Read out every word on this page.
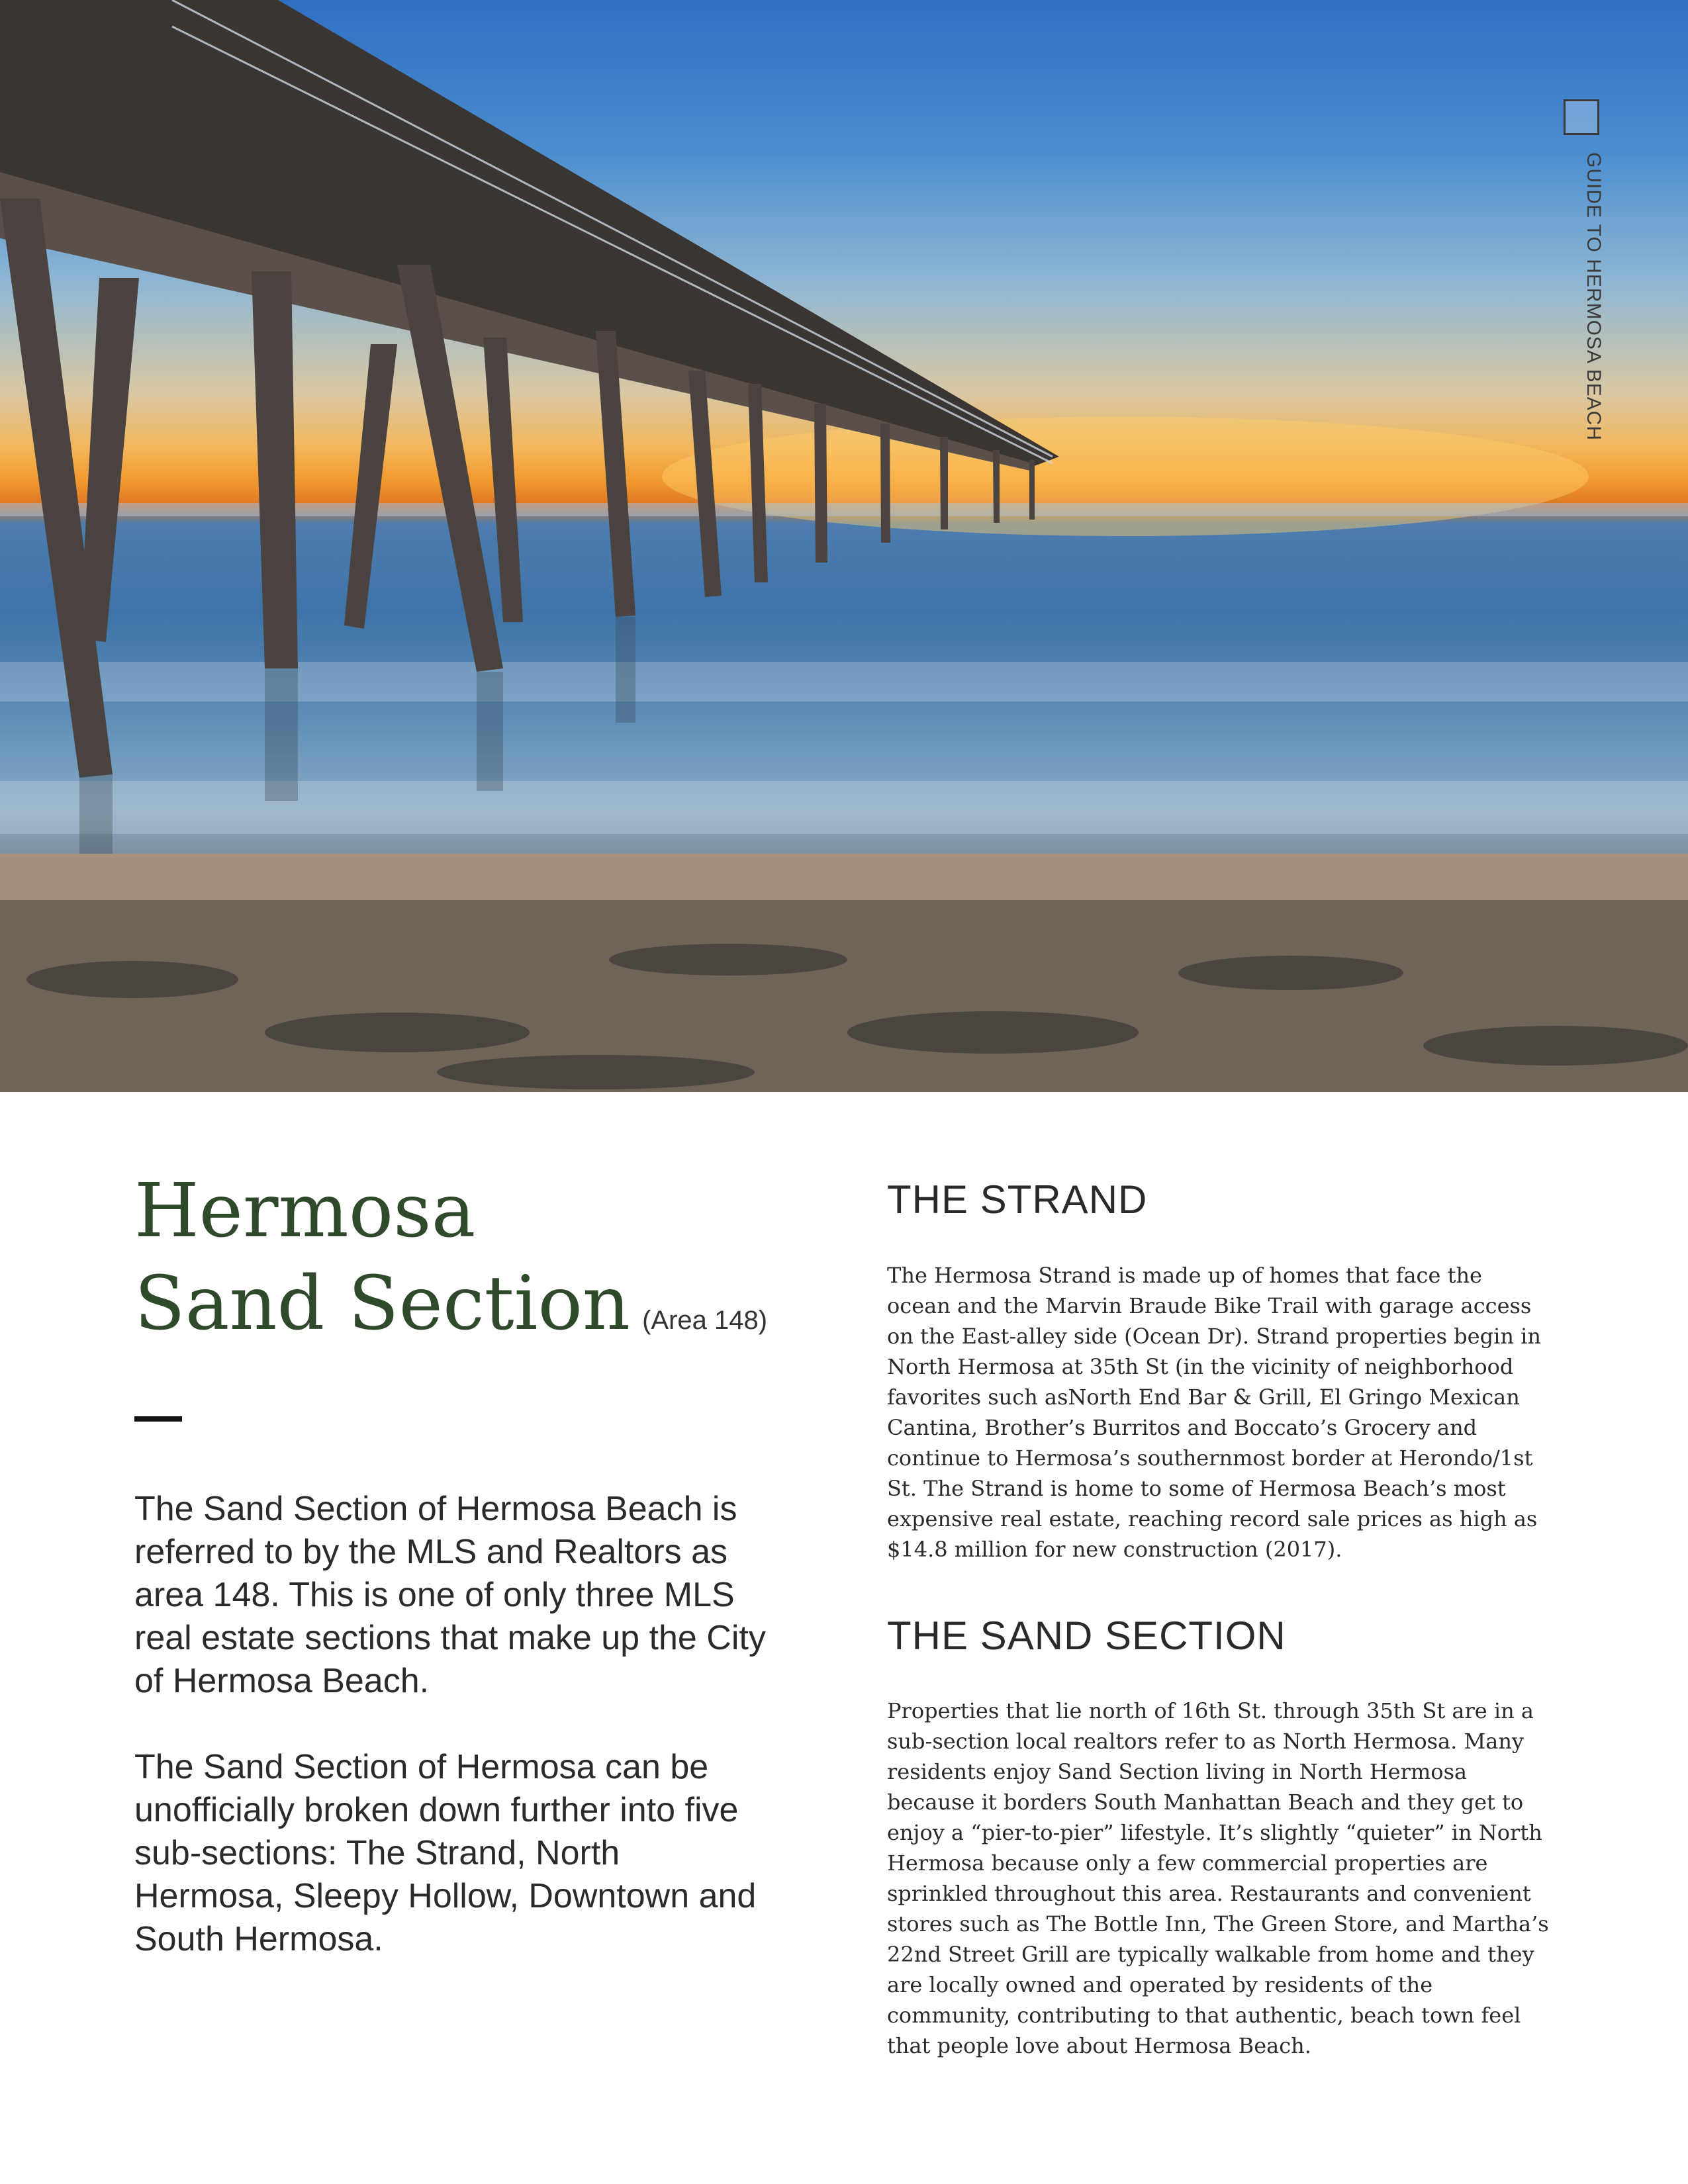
GUIDE TO HERMOSA BEACH
Hermosa
Sand Section (Area 148)

The Sand Section of Hermosa Beach is referred to by the MLS and Realtors as area 148. This is one of only three MLS real estate sections that make up the City of Hermosa Beach.

The Sand Section of Hermosa can be unofficially broken down further into five sub-sections: The Strand, North Hermosa, Sleepy Hollow, Downtown and South Hermosa.

THE STRAND

The Hermosa Strand is made up of homes that face the ocean and the Marvin Braude Bike Trail with garage access on the East-alley side (Ocean Dr). Strand properties begin in North Hermosa at 35th St (in the vicinity of neighborhood favorites such asNorth End Bar & Grill, El Gringo Mexican Cantina, Brother’s Burritos and Boccato’s Grocery and continue to Hermosa’s southernmost border at Herondo/1st St. The Strand is home to some of Hermosa Beach’s most expensive real estate, reaching record sale prices as high as $14.8 million for new construction (2017).

THE SAND SECTION

Properties that lie north of 16th St. through 35th St are in a sub-section local realtors refer to as North Hermosa. Many residents enjoy Sand Section living in North Hermosa because it borders South Manhattan Beach and they get to enjoy a “pier-to-pier” lifestyle. It’s slightly “quieter” in North Hermosa because only a few commercial properties are sprinkled throughout this area. Restaurants and convenient stores such as The Bottle Inn, The Green Store, and Martha’s 22nd Street Grill are typically walkable from home and they are locally owned and operated by residents of the community, contributing to that authentic, beach town feel that people love about Hermosa Beach.
